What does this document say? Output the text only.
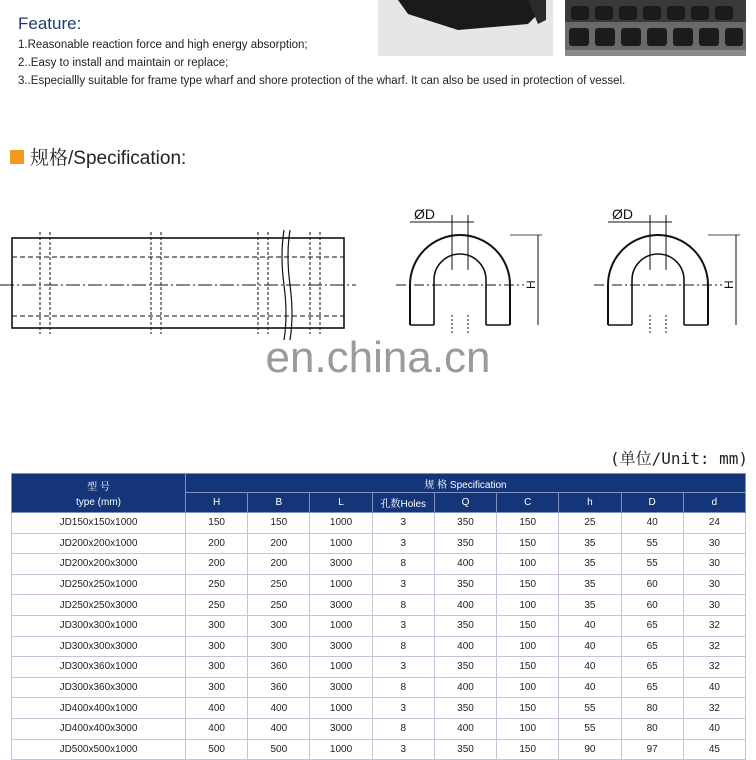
Feature:
1.Reasonable reaction force and high energy absorption;
2..Easy to install and maintain or replace;
3..Especiallly suitable for frame type wharf and shore protection of the wharf. It can also be used in protection of vessel.
规格/Specification:
ØD	ØD
H	H
en.china.cn
(单位/Unit: mm)
型 号
type (mm)	规 格 Specification								
	H	B	L	孔数Holes	Q	C	h	D	d
JD150x150x1000	150	150	1000	3	350	150	25	40	24
JD200x200x1000	200	200	1000	3	350	150	35	55	30
JD200x200x3000	200	200	3000	8	400	100	35	55	30
JD250x250x1000	250	250	1000	3	350	150	35	60	30
JD250x250x3000	250	250	3000	8	400	100	35	60	30
JD300x300x1000	300	300	1000	3	350	150	40	65	32
JD300x300x3000	300	300	3000	8	400	100	40	65	32
JD300x360x1000	300	360	1000	3	350	150	40	65	32
JD300x360x3000	300	360	3000	8	400	100	40	65	40
JD400x400x1000	400	400	1000	3	350	150	55	80	32
JD400x400x3000	400	400	3000	8	400	100	55	80	40
JD500x500x1000	500	500	1000	3	350	150	90	97	45
